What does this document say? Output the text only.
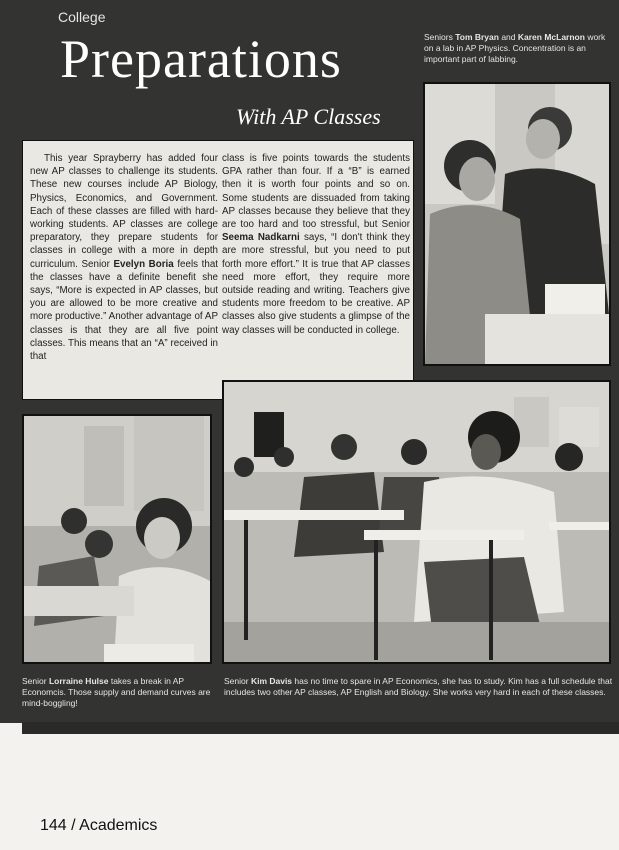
College
Preparations
With AP Classes
Seniors Tom Bryan and Karen McLarnon work on a lab in AP Physics. Concentration is an important part of labbing.

This year Sprayberry has added four new AP classes to challenge its students. These new courses include AP Biology, Physics, Economics, and Government. Each of these classes are filled with hard-working students. AP classes are college preparatory, they prepare students for classes in college with a more in depth curriculum. Senior Evelyn Boria feels that the classes have a definite benefit she says, “More is expected in AP classes, but you are allowed to be more creative and more productive.” Another advantage of AP classes is that they are all five point classes. This means that an “A” received in that

class is five points towards the students GPA rather than four. If a “B” is earned then it is worth four points and so on. Some students are dissuaded from taking AP classes because they believe that they are too hard and too stressful, but Senior Seema Nadkarni says, “I don't think they are more stressful, but you need to put forth more effort.” It is true that AP classes need more effort, they require more outside reading and writing. Teachers give students more freedom to be creative. AP classes also give students a glimpse of the way classes will be conducted in college.

Senior Lorraine Hulse takes a break in AP Economcis. Those supply and demand curves are mind-boggling!
Senior Kim Davis has no time to spare in AP Economics, she has to study. Kim has a full schedule that includes two other AP classes, AP English and Biology. She works very hard in each of these classes.
144 / Academics
